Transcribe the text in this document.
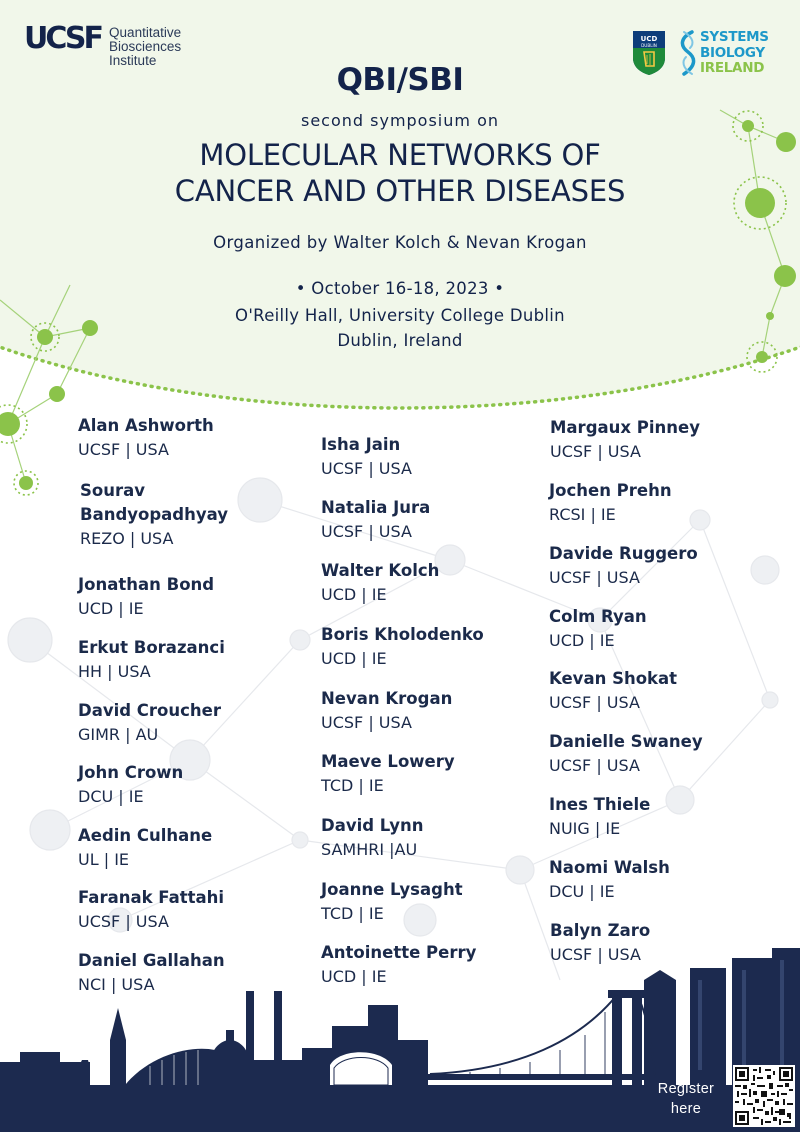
UCSF Quantitative
Biosciences
Institute
UCD
DUBLIN
SYSTEMS
BIOLOGY
IRELAND
QBI/SBI
second symposium on
MOLECULAR NETWORKS OF
CANCER AND OTHER DISEASES
Organized by Walter Kolch & Nevan Krogan
• October 16-18, 2023 •
O'Reilly Hall, University College Dublin
Dublin, Ireland
Alan Ashworth
UCSF | USA
Sourav
Bandyopadhyay
REZO | USA
Jonathan Bond
UCD | IE
Erkut Borazanci
HH | USA
David Croucher
GIMR | AU
John Crown
DCU | IE
Aedin Culhane
UL | IE
Faranak Fattahi
UCSF | USA
Daniel Gallahan
NCI | USA
Isha Jain
UCSF | USA
Natalia Jura
UCSF | USA
Walter Kolch
UCD | IE
Boris Kholodenko
UCD | IE
Nevan Krogan
UCSF | USA
Maeve Lowery
TCD | IE
David Lynn
SAMHRI |AU
Joanne Lysaght
TCD | IE
Antoinette Perry
UCD | IE
Margaux Pinney
UCSF | USA
Jochen Prehn
RCSI | IE
Davide Ruggero
UCSF | USA
Colm Ryan
UCD | IE
Kevan Shokat
UCSF | USA
Danielle Swaney
UCSF | USA
Ines Thiele
NUIG | IE
Naomi Walsh
DCU | IE
Balyn Zaro
UCSF | USA
Register
here
